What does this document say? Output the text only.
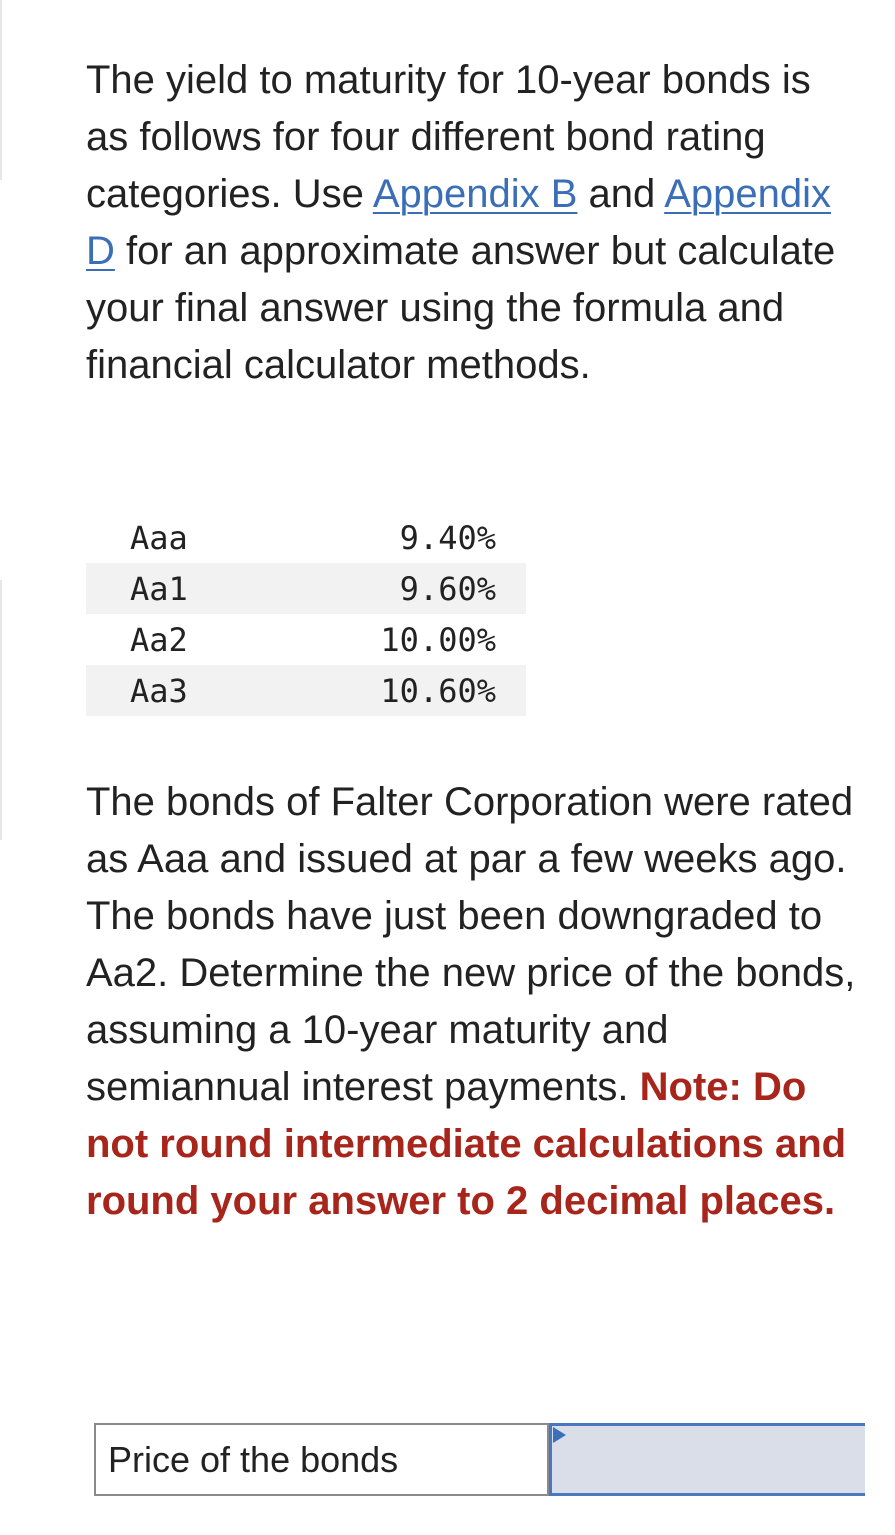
The yield to maturity for 10-year bonds is as follows for four different bond rating categories. Use Appendix B and Appendix D for an approximate answer but calculate your final answer using the formula and financial calculator methods.

Aaa	9.40%
Aa1	9.60%
Aa2	10.00%
Aa3	10.60%

The bonds of Falter Corporation were rated as Aaa and issued at par a few weeks ago. The bonds have just been downgraded to Aa2. Determine the new price of the bonds, assuming a 10-year maturity and semiannual interest payments. Note: Do not round intermediate calculations and round your answer to 2 decimal places.

Price of the bonds
